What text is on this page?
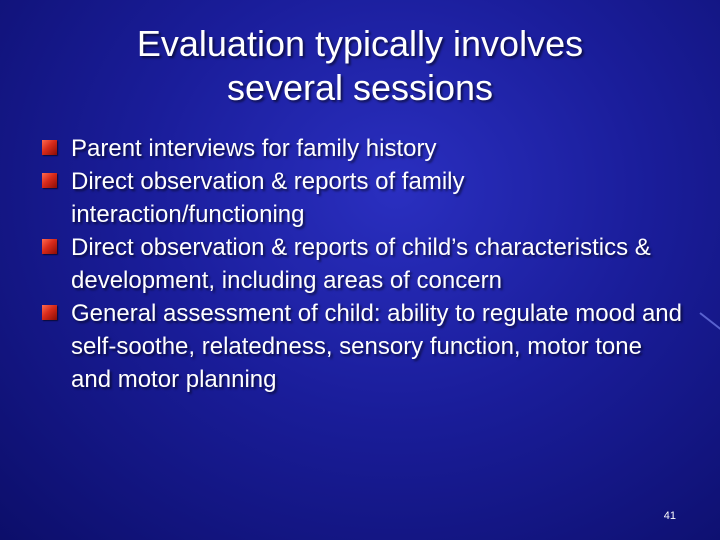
Evaluation typically involves
several sessions
Parent interviews for family history
Direct observation & reports of family interaction/functioning
Direct observation & reports of child’s characteristics & development, including areas of concern
General assessment of child: ability to regulate mood and self-soothe, relatedness, sensory function, motor tone and motor planning
41
